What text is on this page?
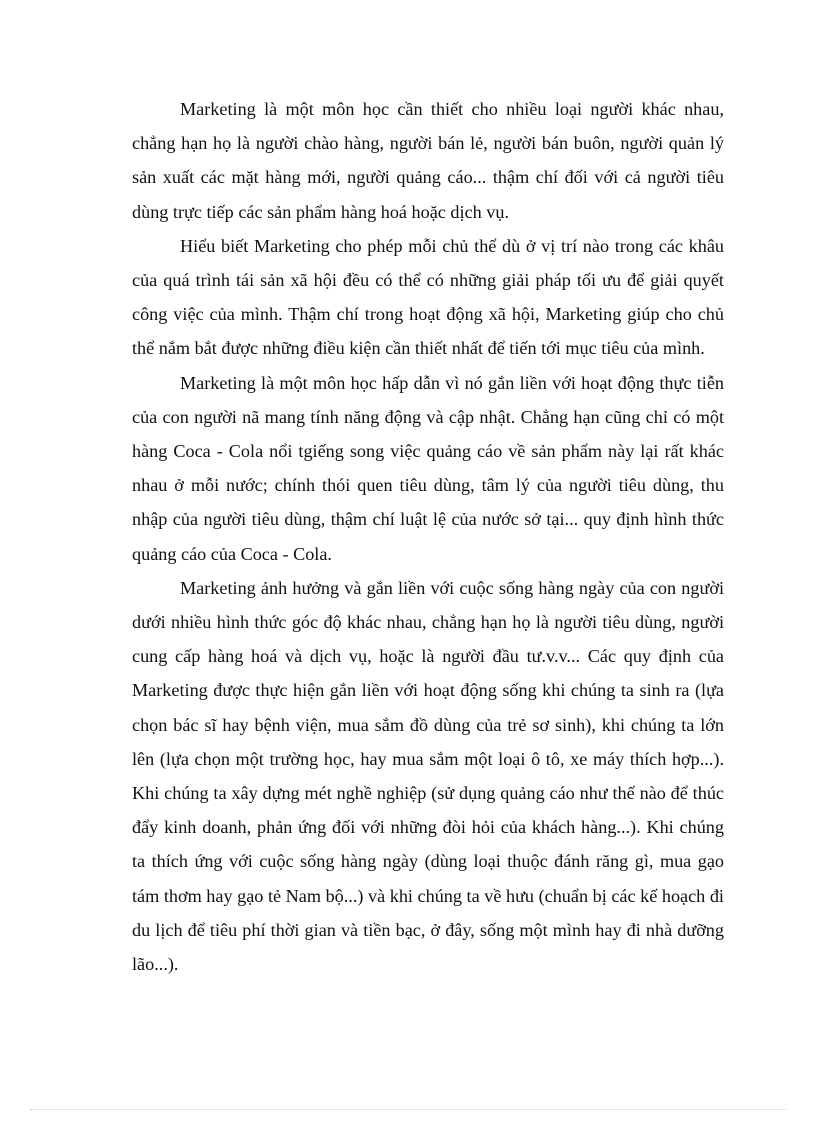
Marketing là một môn học cần thiết cho nhiều loại người khác nhau, chẳng hạn họ là người chào hàng, người bán lẻ, người bán buôn, người quản lý sản xuất các mặt hàng mới, người quảng cáo... thậm chí đối với cả người tiêu dùng trực tiếp các sản phẩm hàng hoá hoặc dịch vụ.

Hiểu biết Marketing cho phép mỗi chủ thể dù ở vị trí nào trong các khâu của quá trình tái sản xã hội đều có thể có những giải pháp tối ưu để giải quyết công việc của mình. Thậm chí trong hoạt động xã hội, Marketing giúp cho chủ thể nắm bắt được những điều kiện cần thiết nhất để tiến tới mục tiêu của mình.

Marketing là một môn học hấp dẫn vì nó gắn liền với hoạt động thực tiễn của con người nã mang tính năng động và cập nhật. Chẳng hạn cũng chỉ có một hàng Coca - Cola nổi tgiếng song việc quảng cáo về sản phẩm này lại rất khác nhau ở mỗi nước; chính thói quen tiêu dùng, tâm lý của người tiêu dùng, thu nhập của người tiêu dùng, thậm chí luật lệ của nước sở tại... quy định hình thức quảng cáo của Coca - Cola.

Marketing ảnh hưởng và gắn liền với cuộc sống hàng ngày của con người dưới nhiều hình thức góc độ khác nhau, chẳng hạn họ là người tiêu dùng, người cung cấp hàng hoá và dịch vụ, hoặc là người đầu tư.v.v... Các quy định của Marketing được thực hiện gắn liền với hoạt động sống khi chúng ta sinh ra (lựa chọn bác sĩ hay bệnh viện, mua sắm đồ dùng của trẻ sơ sinh), khi chúng ta lớn lên (lựa chọn một trường học, hay mua sắm một loại ô tô, xe máy thích hợp...). Khi chúng ta xây dựng mét nghề nghiệp (sử dụng quảng cáo như thế nào để thúc đẩy kinh doanh, phản ứng đối với những đòi hỏi của khách hàng...). Khi chúng ta thích ứng với cuộc sống hàng ngày (dùng loại thuộc đánh răng gì, mua gạo tám thơm hay gạo tẻ Nam bộ...) và khi chúng ta về hưu (chuẩn bị các kế hoạch đi du lịch để tiêu phí thời gian và tiền bạc, ở đây, sống một mình hay đi nhà dưỡng lão...).
